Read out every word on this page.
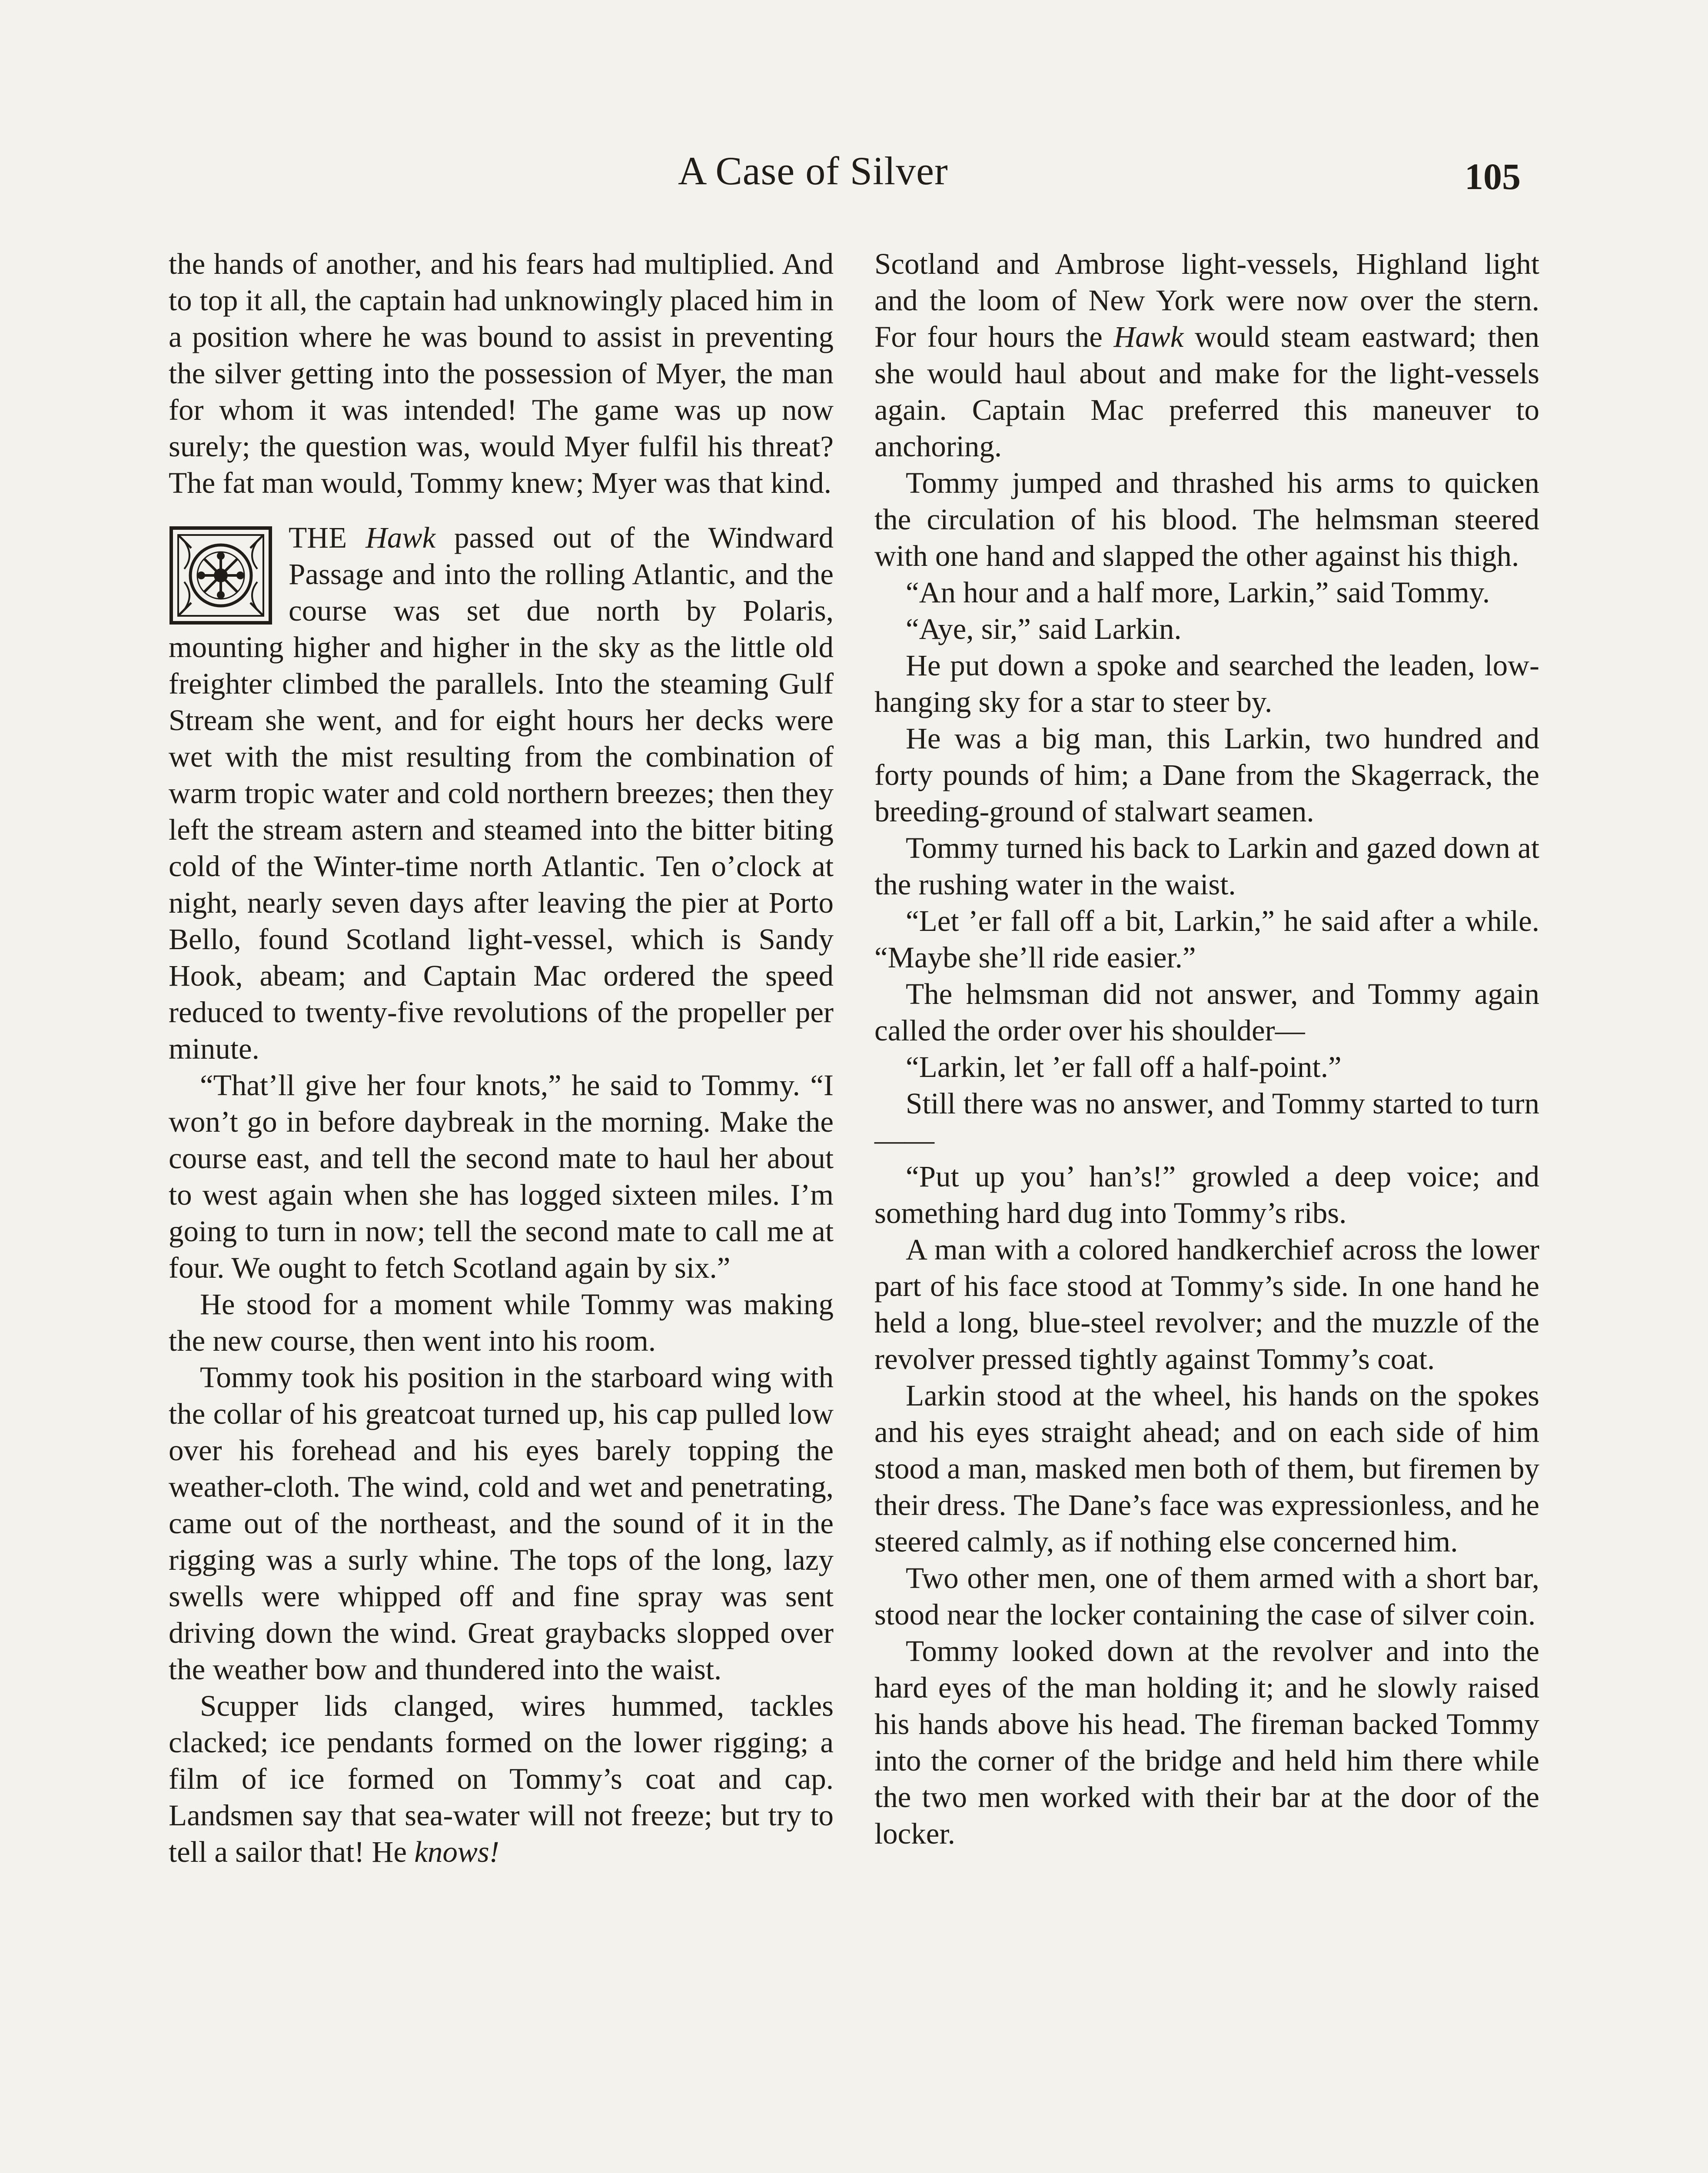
A Case of Silver	105

the hands of another, and his fears had multiplied. And to top it all, the captain had unknowingly placed him in a position where he was bound to assist in preventing the silver getting into the possession of Myer, the man for whom it was intended! The game was up now surely; the question was, would Myer fulfil his threat? The fat man would, Tommy knew; Myer was that kind.

THE Hawk passed out of the Windward Passage and into the rolling Atlantic, and the course was set due north by Polaris, mounting higher and higher in the sky as the little old freighter climbed the parallels. Into the steaming Gulf Stream she went, and for eight hours her decks were wet with the mist resulting from the combination of warm tropic water and cold northern breezes; then they left the stream astern and steamed into the bitter biting cold of the Winter-time north Atlantic. Ten o’clock at night, nearly seven days after leaving the pier at Porto Bello, found Scotland light-vessel, which is Sandy Hook, abeam; and Captain Mac ordered the speed reduced to twenty-five revolutions of the propeller per minute.

“That’ll give her four knots,” he said to Tommy. “I won’t go in before daybreak in the morning. Make the course east, and tell the second mate to haul her about to west again when she has logged sixteen miles. I’m going to turn in now; tell the second mate to call me at four. We ought to fetch Scotland again by six.”

He stood for a moment while Tommy was making the new course, then went into his room.

Tommy took his position in the starboard wing with the collar of his greatcoat turned up, his cap pulled low over his forehead and his eyes barely topping the weather-cloth. The wind, cold and wet and penetrating, came out of the northeast, and the sound of it in the rigging was a surly whine. The tops of the long, lazy swells were whipped off and fine spray was sent driving down the wind. Great graybacks slopped over the weather bow and thundered into the waist.

Scupper lids clanged, wires hummed, tackles clacked; ice pendants formed on the lower rigging; a film of ice formed on Tommy’s coat and cap. Landsmen say that sea-water will not freeze; but try to tell a sailor that! He knows!

Scotland and Ambrose light-vessels, Highland light and the loom of New York were now over the stern. For four hours the Hawk would steam eastward; then she would haul about and make for the light-vessels again. Captain Mac preferred this maneuver to anchoring.

Tommy jumped and thrashed his arms to quicken the circulation of his blood. The helmsman steered with one hand and slapped the other against his thigh.

“An hour and a half more, Larkin,” said Tommy.

“Aye, sir,” said Larkin.

He put down a spoke and searched the leaden, low-hanging sky for a star to steer by.

He was a big man, this Larkin, two hundred and forty pounds of him; a Dane from the Skagerrack, the breeding-ground of stalwart seamen.

Tommy turned his back to Larkin and gazed down at the rushing water in the waist.

“Let ’er fall off a bit, Larkin,” he said after a while. “Maybe she’ll ride easier.”

The helmsman did not answer, and Tommy again called the order over his shoulder—

“Larkin, let ’er fall off a half-point.”

Still there was no answer, and Tommy started to turn——

“Put up you’ han’s!” growled a deep voice; and something hard dug into Tommy’s ribs.

A man with a colored handkerchief across the lower part of his face stood at Tommy’s side. In one hand he held a long, blue-steel revolver; and the muzzle of the revolver pressed tightly against Tommy’s coat.

Larkin stood at the wheel, his hands on the spokes and his eyes straight ahead; and on each side of him stood a man, masked men both of them, but firemen by their dress. The Dane’s face was expressionless, and he steered calmly, as if nothing else concerned him.

Two other men, one of them armed with a short bar, stood near the locker containing the case of silver coin.

Tommy looked down at the revolver and into the hard eyes of the man holding it; and he slowly raised his hands above his head. The fireman backed Tommy into the corner of the bridge and held him there while the two men worked with their bar at the door of the locker.
